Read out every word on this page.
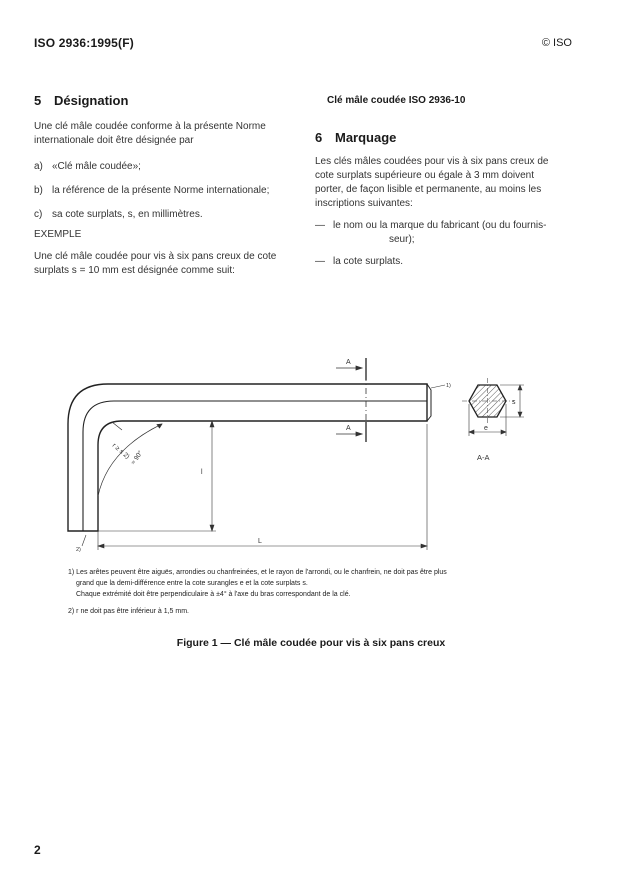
ISO 2936:1995(F)	© ISO
5 Désignation
Une clé mâle coudée conforme à la présente Norme
internationale doit être désignée par
a) «Clé mâle coudée»;
b) la référence de la présente Norme internationale;
c) sa cote surplats, s, en millimètres.
EXEMPLE
Une clé mâle coudée pour vis à six pans creux de cote
surplats s = 10 mm est désignée comme suit:
Clé mâle coudée ISO 2936-10
6 Marquage
Les clés mâles coudées pour vis à six pans creux de
cote surplats supérieure ou égale à 3 mm doivent
porter, de façon lisible et permanente, au moins les
inscriptions suivantes:
— le nom ou la marque du fabricant (ou du fournis-
seur);
— la cote surplats.
A
A
r ≥ s 2) ≈ 90°
l
L
1)
2)
s
e
A-A
1) Les arêtes peuvent être aiguës, arrondies ou chanfreinées, et le rayon de l'arrondi, ou le chanfrein, ne doit pas être plus
grand que la demi-différence entre la cote surangles e et la cote surplats s.
Chaque extrémité doit être perpendiculaire à ±4° à l'axe du bras correspondant de la clé.
2) r ne doit pas être inférieur à 1,5 mm.
Figure 1 — Clé mâle coudée pour vis à six pans creux
2
